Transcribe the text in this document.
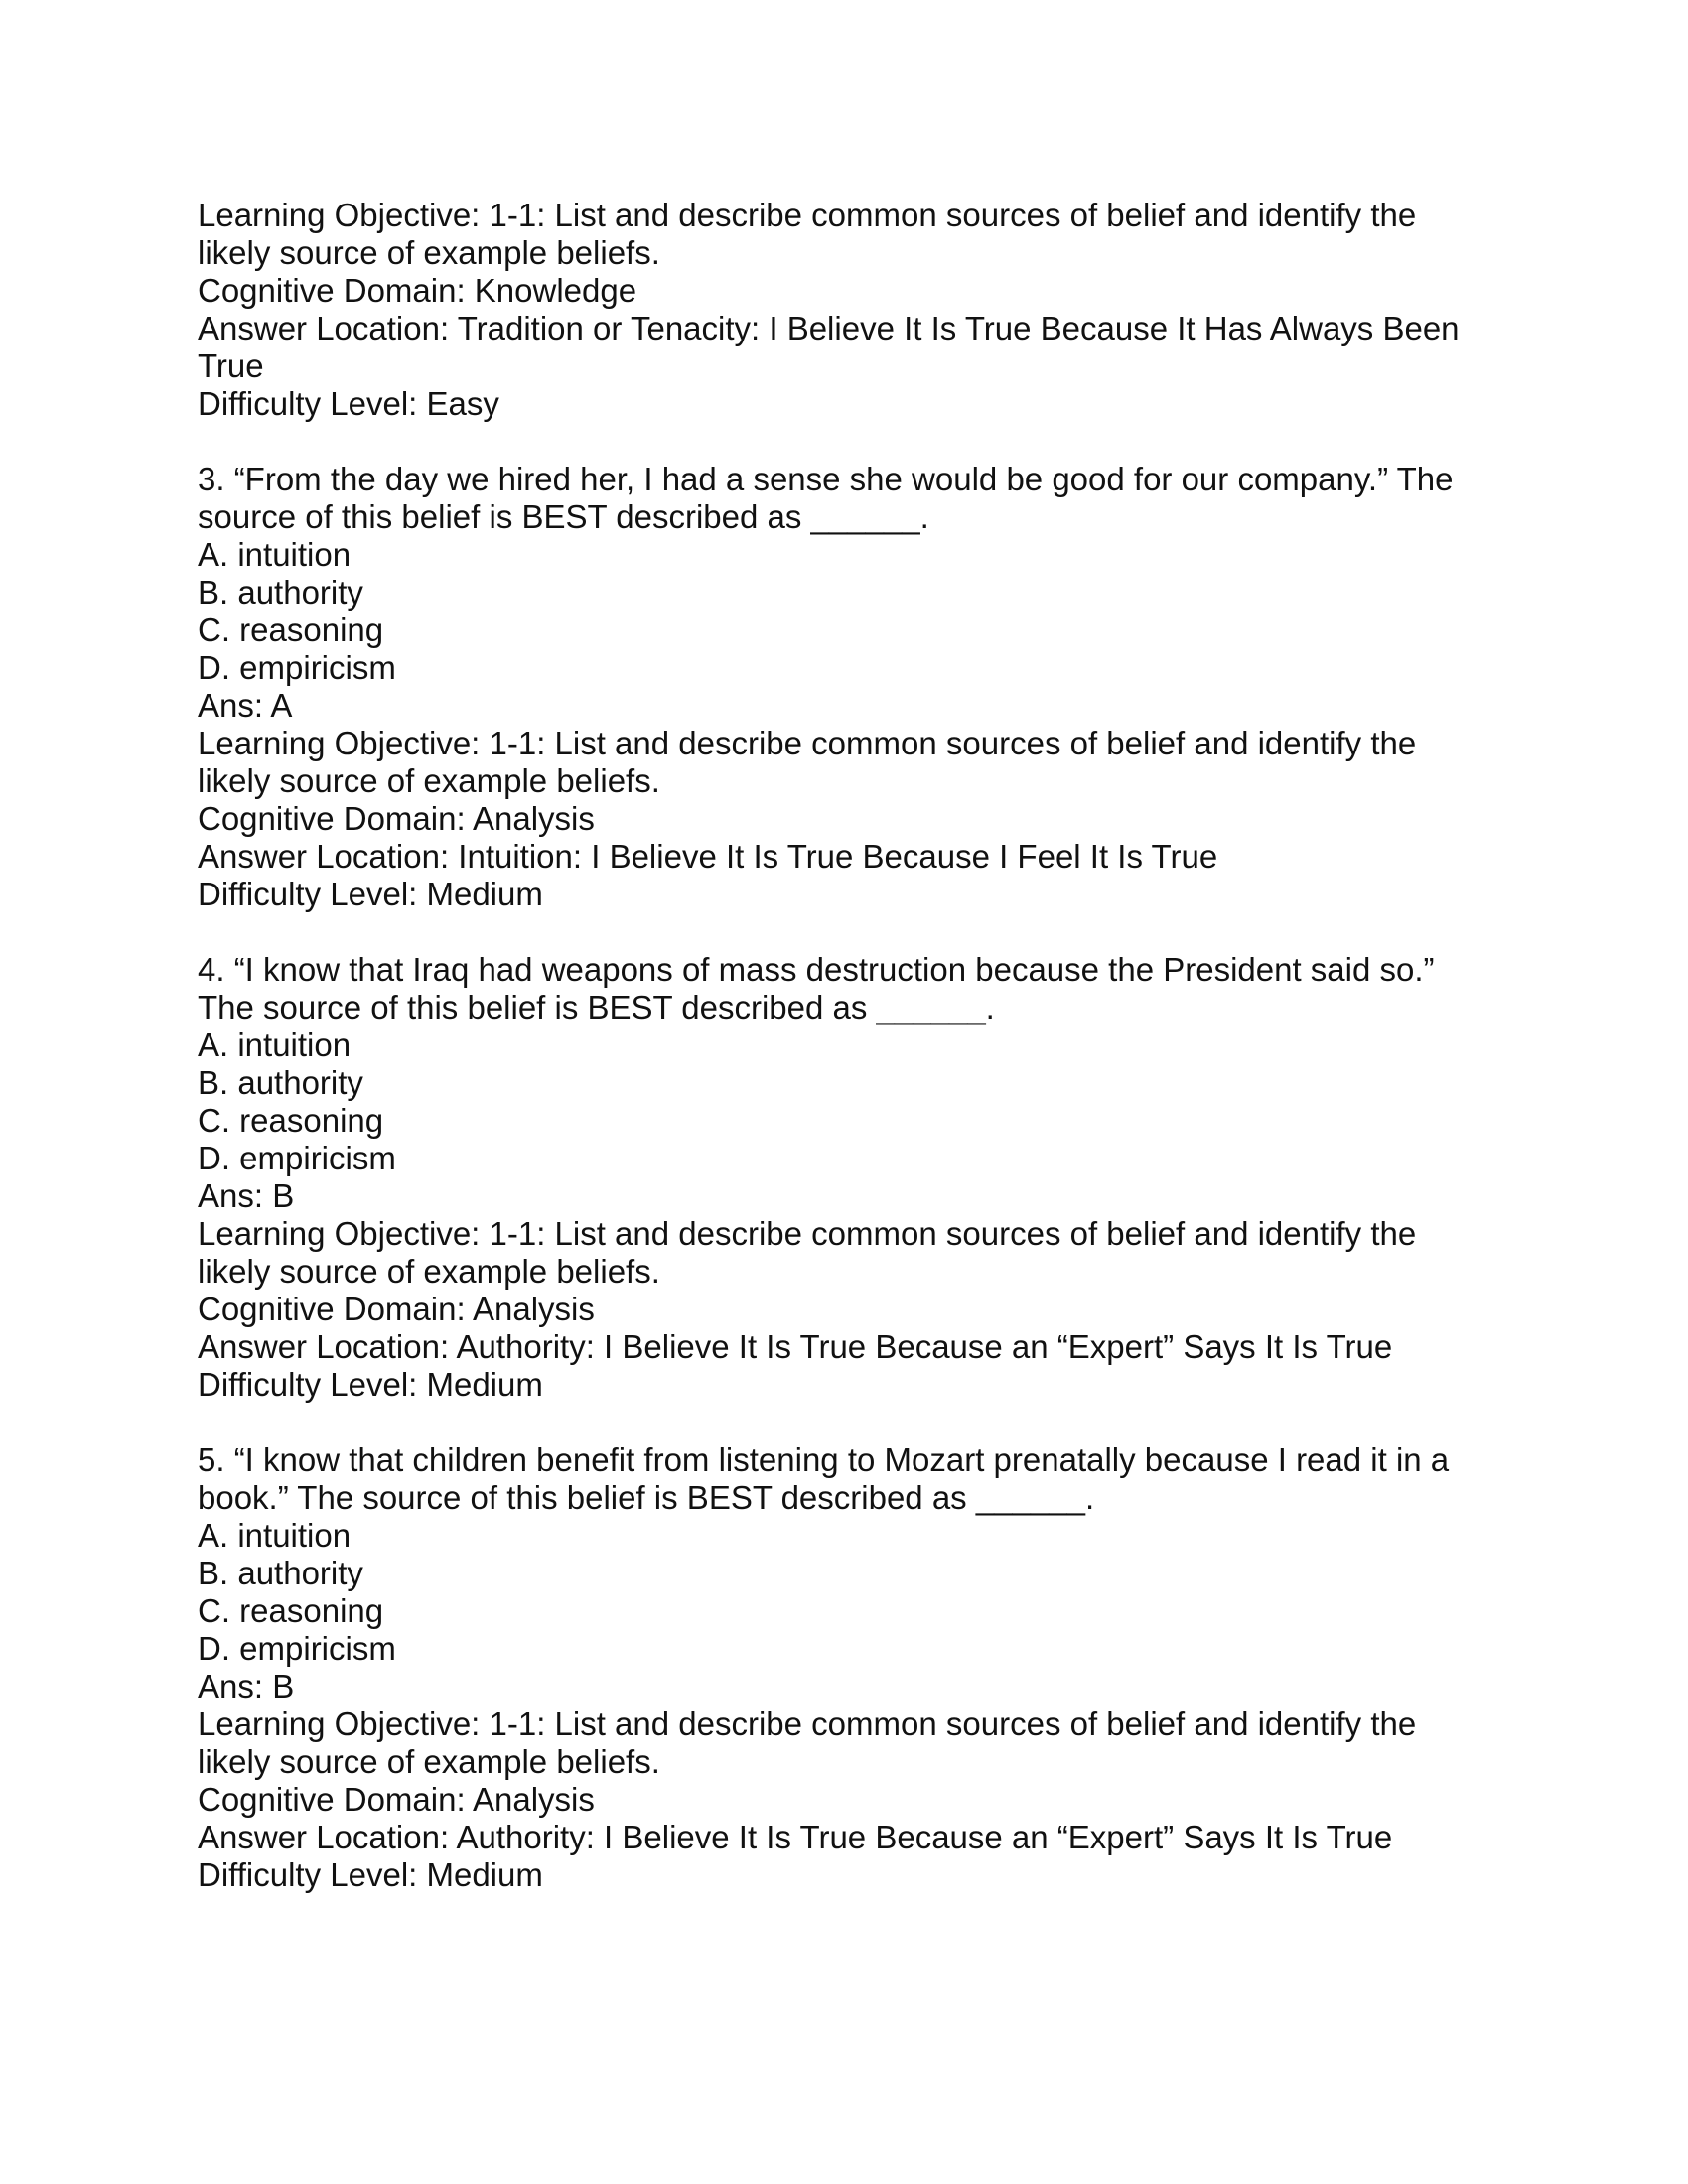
Learning Objective: 1-1: List and describe common sources of belief and identify the
likely source of example beliefs.
Cognitive Domain: Knowledge
Answer Location: Tradition or Tenacity: I Believe It Is True Because It Has Always Been
True
Difficulty Level: Easy
3. “From the day we hired her, I had a sense she would be good for our company.” The
source of this belief is BEST described as ______.
A. intuition
B. authority
C. reasoning
D. empiricism
Ans: A
Learning Objective: 1-1: List and describe common sources of belief and identify the
likely source of example beliefs.
Cognitive Domain: Analysis
Answer Location: Intuition: I Believe It Is True Because I Feel It Is True
Difficulty Level: Medium
4. “I know that Iraq had weapons of mass destruction because the President said so.”
The source of this belief is BEST described as ______.
A. intuition
B. authority
C. reasoning
D. empiricism
Ans: B
Learning Objective: 1-1: List and describe common sources of belief and identify the
likely source of example beliefs.
Cognitive Domain: Analysis
Answer Location: Authority: I Believe It Is True Because an “Expert” Says It Is True
Difficulty Level: Medium
5. “I know that children benefit from listening to Mozart prenatally because I read it in a
book.” The source of this belief is BEST described as ______.
A. intuition
B. authority
C. reasoning
D. empiricism
Ans: B
Learning Objective: 1-1: List and describe common sources of belief and identify the
likely source of example beliefs.
Cognitive Domain: Analysis
Answer Location: Authority: I Believe It Is True Because an “Expert” Says It Is True
Difficulty Level: Medium
